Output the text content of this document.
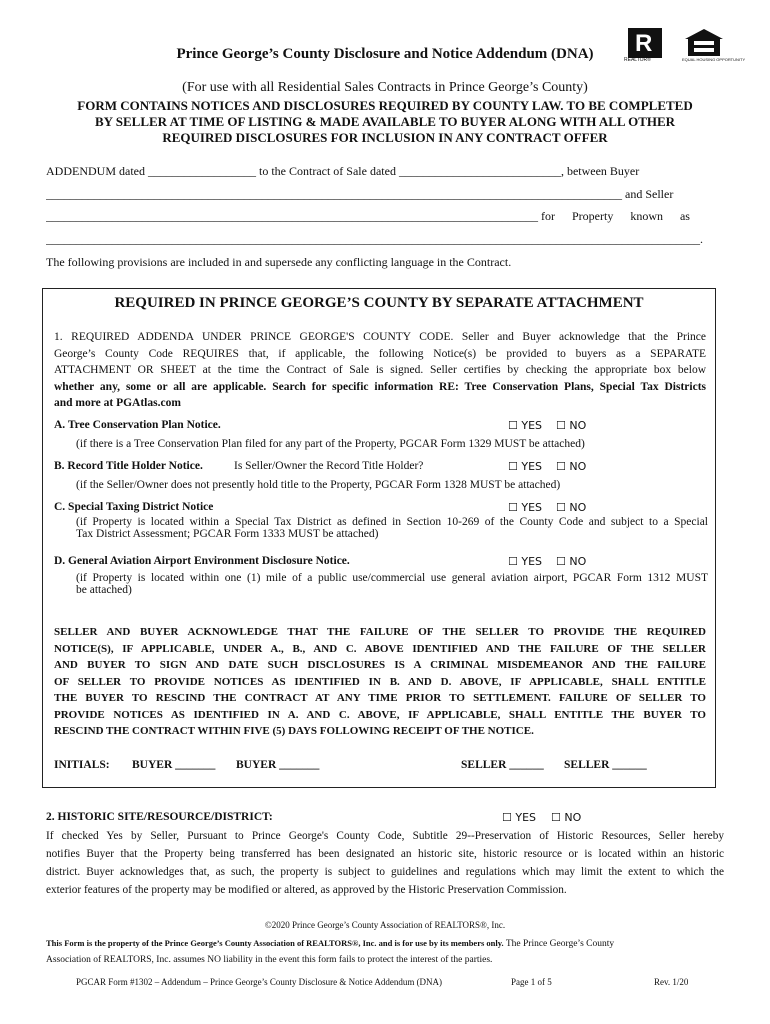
Prince George’s County Disclosure and Notice Addendum (DNA)	R
REALTOR®	EQUAL HOUSING OPPORTUNITY
(For use with all Residential Sales Contracts in Prince George’s County)
FORM CONTAINS NOTICES AND DISCLOSURES REQUIRED BY COUNTY LAW. TO BE COMPLETED
BY SELLER AT TIME OF LISTING & MADE AVAILABLE TO BUYER ALONG WITH ALL OTHER
REQUIRED DISCLOSURES FOR INCLUSION IN ANY CONTRACT OFFER
ADDENDUM dated __________________ to the Contract of Sale dated ___________________________, between Buyer
________________________________________________________________________________________________ and Seller
__________________________________________________________________________________ for Property known as
_____________________________________________________________________________________________________________.
The following provisions are included in and supersede any conflicting language in the Contract.
REQUIRED IN PRINCE GEORGE’S COUNTY BY SEPARATE ATTACHMENT
1. REQUIRED ADDENDA UNDER PRINCE GEORGE'S COUNTY CODE. Seller and Buyer acknowledge that the Prince
George’s County Code REQUIRES that, if applicable, the following Notice(s) be provided to buyers as a SEPARATE
ATTACHMENT OR SHEET at the time the Contract of Sale is signed. Seller certifies by checking the appropriate box below
whether any, some or all are applicable. Search for specific information RE: Tree Conservation Plans, Special Tax Districts
and more at PGAtlas.com
A. Tree Conservation Plan Notice.	☐ YES ☐ NO
(if there is a Tree Conservation Plan filed for any part of the Property, PGCAR Form 1329 MUST be attached)
B. Record Title Holder Notice.	Is Seller/Owner the Record Title Holder?	☐ YES ☐ NO
(if the Seller/Owner does not presently hold title to the Property, PGCAR Form 1328 MUST be attached)
C. Special Taxing District Notice	☐ YES ☐ NO
(if Property is located within a Special Tax District as defined in Section 10-269 of the County Code and subject to a Special
Tax District Assessment; PGCAR Form 1333 MUST be attached)
D. General Aviation Airport Environment Disclosure Notice.	☐ YES ☐ NO
(if Property is located within one (1) mile of a public use/commercial use general aviation airport, PGCAR Form 1312 MUST
be attached)
SELLER AND BUYER ACKNOWLEDGE THAT THE FAILURE OF THE SELLER TO PROVIDE THE REQUIRED
NOTICE(S), IF APPLICABLE, UNDER A., B., AND C. ABOVE IDENTIFIED AND THE FAILURE OF THE SELLER
AND BUYER TO SIGN AND DATE SUCH DISCLOSURES IS A CRIMINAL MISDEMEANOR AND THE FAILURE
OF SELLER TO PROVIDE NOTICES AS IDENTIFIED IN B. AND D. ABOVE, IF APPLICABLE, SHALL ENTITLE
THE BUYER TO RESCIND THE CONTRACT AT ANY TIME PRIOR TO SETTLEMENT. FAILURE OF SELLER TO
PROVIDE NOTICES AS IDENTIFIED IN A. AND C. ABOVE, IF APPLICABLE, SHALL ENTITLE THE BUYER TO
RESCIND THE CONTRACT WITHIN FIVE (5) DAYS FOLLOWING RECEIPT OF THE NOTICE.
INITIALS: BUYER _______ BUYER _______	SELLER ______ SELLER ______
2. HISTORIC SITE/RESOURCE/DISTRICT:	☐ YES ☐ NO
If checked Yes by Seller, Pursuant to Prince George's County Code, Subtitle 29--Preservation of Historic Resources, Seller hereby
notifies Buyer that the Property being transferred has been designated an historic site, historic resource or is located within an historic
district. Buyer acknowledges that, as such, the property is subject to guidelines and regulations which may limit the extent to which the
exterior features of the property may be modified or altered, as approved by the Historic Preservation Commission.
©2020 Prince George’s County Association of REALTORS®, Inc.
This Form is the property of the Prince George’s County Association of REALTORS®, Inc. and is for use by its members only. The Prince George’s County
Association of REALTORS, Inc. assumes NO liability in the event this form fails to protect the interest of the parties.
PGCAR Form #1302 – Addendum – Prince George’s County Disclosure & Notice Addendum (DNA)	Page 1 of 5	Rev. 1/20
